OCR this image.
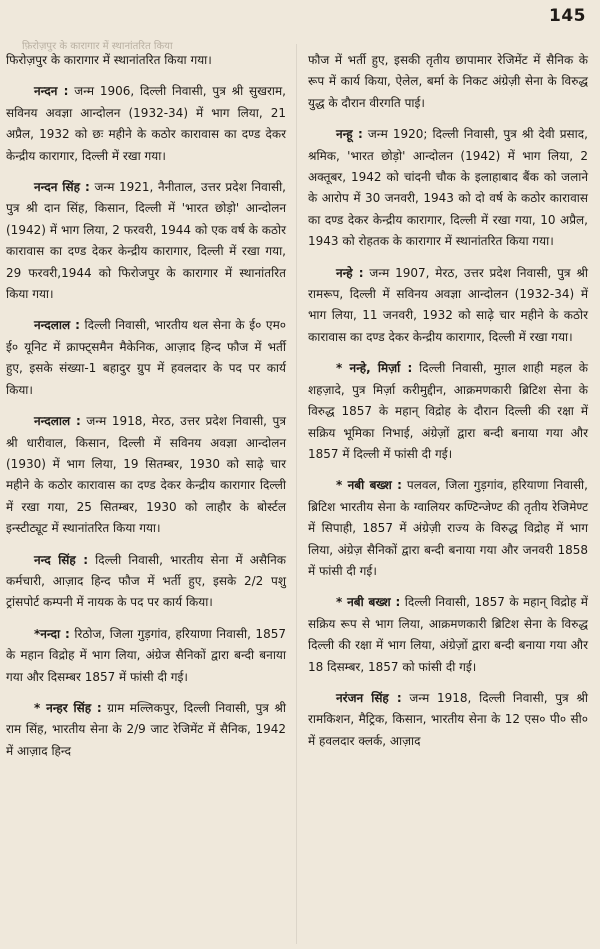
145
फ़िरोज़पुर के कारागार में स्थानांतरित किया

फिरोज़पुर के कारागार में स्थानांतरित किया गया।

नन्दन : जन्म 1906, दिल्ली निवासी, पुत्र श्री सुखराम, सविनय अवज्ञा आन्दोलन (1932-34) में भाग लिया, 21 अप्रैल, 1932 को छः महीने के कठोर कारावास का दण्ड देकर केन्द्रीय कारागार, दिल्ली में रखा गया।

नन्दन सिंह : जन्म 1921, नैनीताल, उत्तर प्रदेश निवासी, पुत्र श्री दान सिंह, किसान, दिल्ली में 'भारत छोड़ो' आन्दोलन (1942) में भाग लिया, 2 फरवरी, 1944 को एक वर्ष के कठोर कारावास का दण्ड देकर केन्द्रीय कारागार, दिल्ली में रखा गया, 29 फरवरी,1944 को फिरोजपुर के कारागार में स्थानांतरित किया गया।

नन्दलाल : दिल्ली निवासी, भारतीय थल सेना के ई० एम० ई० यूनिट में क्राफ्ट्समैन मैकेनिक, आज़ाद हिन्द फौज में भर्ती हुए, इसके संख्या-1 बहादुर ग्रुप में हवलदार के पद पर कार्य किया।

नन्दलाल : जन्म 1918, मेरठ, उत्तर प्रदेश निवासी, पुत्र श्री धारीवाल, किसान, दिल्ली में सविनय अवज्ञा आन्दोलन (1930) में भाग लिया, 19 सितम्बर, 1930 को साढ़े चार महीने के कठोर कारावास का दण्ड देकर केन्द्रीय कारागार दिल्ली में रखा गया, 25 सितम्बर, 1930 को लाहौर के बोर्स्टल इन्स्टीट्यूट में स्थानांतरित किया गया।

नन्द सिंह : दिल्ली निवासी, भारतीय सेना में असैनिक कर्मचारी, आज़ाद हिन्द फौज में भर्ती हुए, इसके 2/2 पशु ट्रांसपोर्ट कम्पनी में नायक के पद पर कार्य किया।

*नन्दा : रिठोज, जिला गुड़गांव, हरियाणा निवासी, 1857 के महान विद्रोह में भाग लिया, अंग्रेज सैनिकों द्वारा बन्दी बनाया गया और दिसम्बर 1857 में फांसी दी गई।

* नन्हर सिंह : ग्राम मल्लिकपुर, दिल्ली निवासी, पुत्र श्री राम सिंह, भारतीय सेना के 2/9 जाट रेजिमेंट में सैनिक, 1942 में आज़ाद हिन्द

फौज में भर्ती हुए, इसकी तृतीय छापामार रेजिमेंट में सैनिक के रूप में कार्य किया, ऐलेल, बर्मा के निकट अंग्रेज़ी सेना के विरुद्ध युद्ध के दौरान वीरगति पाई।

नन्हू : जन्म 1920; दिल्ली निवासी, पुत्र श्री देवी प्रसाद, श्रमिक, 'भारत छोड़ो' आन्दोलन (1942) में भाग लिया, 2 अक्तूबर, 1942 को चांदनी चौक के इलाहाबाद बैंक को जलाने के आरोप में 30 जनवरी, 1943 को दो वर्ष के कठोर कारावास का दण्ड देकर केन्द्रीय कारागार, दिल्ली में रखा गया, 10 अप्रैल, 1943 को रोहतक के कारागार में स्थानांतरित किया गया।

नन्हे : जन्म 1907, मेरठ, उत्तर प्रदेश निवासी, पुत्र श्री रामरूप, दिल्ली में सविनय अवज्ञा आन्दोलन (1932-34) में भाग लिया, 11 जनवरी, 1932 को साढ़े चार महीने के कठोर कारावास का दण्ड देकर केन्द्रीय कारागार, दिल्ली में रखा गया।

* नन्हे, मिर्ज़ा : दिल्ली निवासी, मुग़ल शाही महल के शहज़ादे, पुत्र मिर्ज़ा करीमुद्दीन, आक्रमणकारी ब्रिटिश सेना के विरुद्ध 1857 के महान् विद्रोह के दौरान दिल्ली की रक्षा में सक्रिय भूमिका निभाई, अंग्रेज़ों द्वारा बन्दी बनाया गया और 1857 में दिल्ली में फांसी दी गई।

* नबी बख्श : पलवल, जिला गुड़गांव, हरियाणा निवासी, ब्रिटिश भारतीय सेना के ग्वालियर कण्टिन्जेण्ट की तृतीय रेजिमेण्ट में सिपाही, 1857 में अंग्रेज़ी राज्य के विरुद्ध विद्रोह में भाग लिया, अंग्रेज़ सैनिकों द्वारा बन्दी बनाया गया और जनवरी 1858 में फांसी दी गई।

* नबी बख्श : दिल्ली निवासी, 1857 के महान् विद्रोह में सक्रिय रूप से भाग लिया, आक्रमणकारी ब्रिटिश सेना के विरुद्ध दिल्ली की रक्षा में भाग लिया, अंग्रेज़ों द्वारा बन्दी बनाया गया और 18 दिसम्बर, 1857 को फांसी दी गई।

नरंजन सिंह : जन्म 1918, दिल्ली निवासी, पुत्र श्री रामकिशन, मैट्रिक, किसान, भारतीय सेना के 12 एस० पी० सी० में हवलदार क्लर्क, आज़ाद
